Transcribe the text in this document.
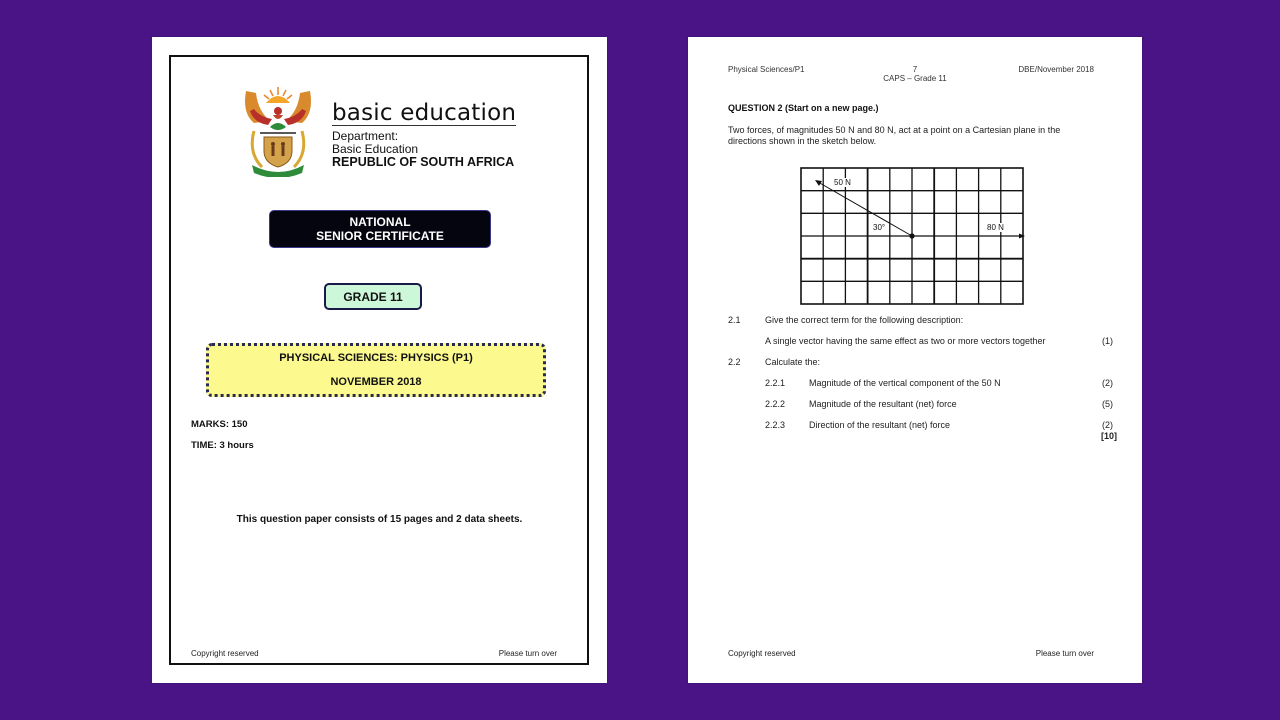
basic education
Department:
Basic Education
REPUBLIC OF SOUTH AFRICA
NATIONAL
SENIOR CERTIFICATE
GRADE 11
PHYSICAL SCIENCES: PHYSICS (P1)
NOVEMBER 2018
MARKS: 150
TIME: 3 hours
This question paper consists of 15 pages and 2 data sheets.
Copyright reserved	Please turn over
Physical Sciences/P1	7
CAPS – Grade 11
DBE/November 2018
QUESTION 2 (Start on a new page.)
Two forces, of magnitudes 50 N and 80 N, act at a point on a Cartesian plane in the directions shown in the sketch below.
50 N
30°	80 N
2.1	Give the correct term for the following description:
A single vector having the same effect as two or more vectors together	(1)
2.2	Calculate the:
2.2.1	Magnitude of the vertical component of the 50 N	(2)
2.2.2	Magnitude of the resultant (net) force	(5)
2.2.3	Direction of the resultant (net) force	(2)
[10]
Copyright reserved	Please turn over
